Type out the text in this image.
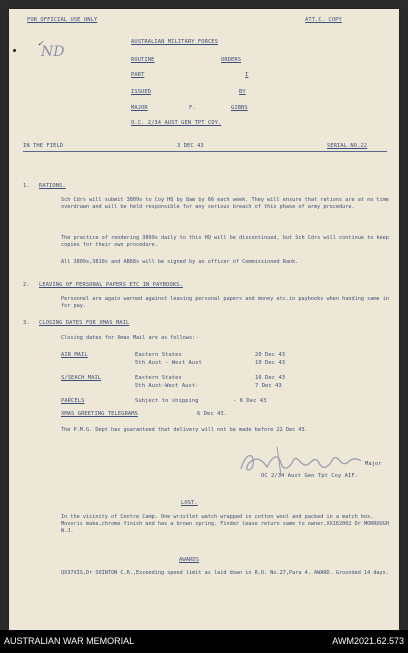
FOR OFFICIAL USE ONLY	ATT.C. COPY
ND
✓	AUSTRALIAN MILITARY FORCES
ROUTINE	ORDERS
PART	I
ISSUED	BY
MAJOR	F.	GIBBS
O.C. 2/34 AUST GEN TPT COY.
IN THE FIELD	3 DEC 43	SERIAL NO.22
1. RATIONS.
Sch Cdrs will submit 3809s to Coy HQ by 8am by 66 each week. They will ensure that rations are at no time overdrawn and will be held responsible for any serious breach of this phase of army procedure.
The practice of rendering 3809s daily to this HQ will be discontinued, but Sch Cdrs will continue to keep copies for their own procedure.
All 3809s,3810s and AB68s will be signed by an officer of Commissioned Rank.
2. LEAVING OF PERSONAL PAPERS ETC IN PAYBOOKS.
Personnel are again warned against leaving personal papers and money etc.in paybooks when handing same in for pay.
3. CLOSING DATES FOR XMAS MAIL
Closing dates for Xmas Mail are as follows:-
AIR MAIL	Eastern States	20 Dec 43
5th Aust - West Aust	10 Dec 43
S/SEACH MAIL	Eastern States	16 Dec 43
5th Aust-West Aust-	7 Dec 43
PARCELS	Subject to shipping	- 6 Dec 43
XMAS GREETING TELEGRAMS	6 Dec 43.
The P.M.G. Dept has guaranteed that delivery will not be made before 22 Dec 43.
Major
OC 2/34 Aust Gen Tpt Coy AIF.
LOST.
In the vicinity of Centre Camp. One wristlet watch wrapped in cotton wool and packed in a match box. Movoris make,chrome finish and has a brown spring. Finder lease return same to owner,XX162002 Dr MORROUGH W.J.
AWARDS
QX37VIS,Dr SOINTON C.R.,Exceeding speed limit as laid down in R.O. No.27,Para 4. AWARD. Grounded 14 days.
AUSTRALIAN WAR MEMORIAL	AWM2021.62.573
